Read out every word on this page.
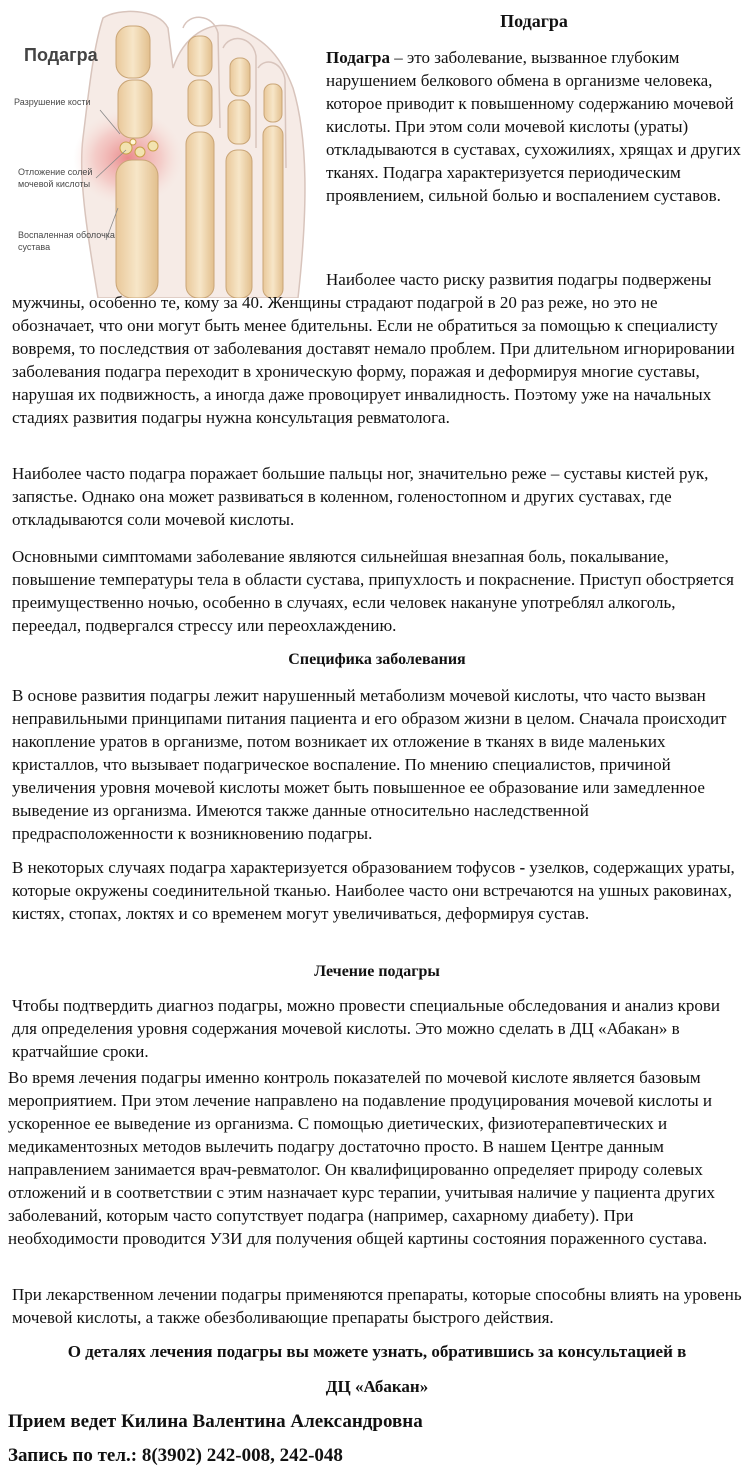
Подагра
Разрушение кости
Отложение солей
мочевой кислоты
Воспаленная оболочка
сустава
Подагра

Подагра – это заболевание, вызванное глубоким нарушением белкового обмена в организме человека, которое приводит к повышенному содержанию мочевой кислоты. При этом соли мочевой кислоты (ураты) откладываются в суставах, сухожилиях, хрящах и других тканях. Подагра характеризуется периодическим проявлением, сильной болью и воспалением суставов.

Наиболее часто риску развития подагры подвержены мужчины, особенно те, кому за 40. Женщины страдают подагрой в 20 раз реже, но это не обозначает, что они могут быть менее бдительны. Если не обратиться за помощью к специалисту вовремя, то последствия от заболевания доставят немало проблем. При длительном игнорировании заболевания подагра переходит в хроническую форму, поражая и деформируя многие суставы, нарушая их подвижность, а иногда даже провоцирует инвалидность. Поэтому уже на начальных стадиях развития подагры нужна консультация ревматолога.

Наиболее часто подагра поражает большие пальцы ног, значительно реже – суставы кистей рук, запястье. Однако она может развиваться в коленном, голеностопном и других суставах, где откладываются соли мочевой кислоты.

Основными симптомами заболевание являются сильнейшая внезапная боль, покалывание, повышение температуры тела в области сустава, припухлость и покраснение. Приступ обостряется преимущественно ночью, особенно в случаях, если человек накануне употреблял алкоголь, переедал, подвергался стрессу или переохлаждению.

Специфика заболевания

В основе развития подагры лежит нарушенный метаболизм мочевой кислоты, что часто вызван неправильными принципами питания пациента и его образом жизни в целом. Сначала происходит накопление уратов в организме, потом возникает их отложение в тканях в виде маленьких кристаллов, что вызывает подагрическое воспаление. По мнению специалистов, причиной увеличения уровня мочевой кислоты может быть повышенное ее образование или замедленное выведение из организма. Имеются также данные относительно наследственной предрасположенности к возникновению подагры.

В некоторых случаях подагра характеризуется образованием тофусов - узелков, содержащих ураты, которые окружены соединительной тканью. Наиболее часто они встречаются на ушных раковинах, кистях, стопах, локтях и со временем могут увеличиваться, деформируя сустав.

Лечение подагры

Чтобы подтвердить диагноз подагры, можно провести специальные обследования и анализ крови для определения уровня содержания мочевой кислоты. Это можно сделать в ДЦ «Абакан» в кратчайшие сроки.

Во время лечения подагры именно контроль показателей по мочевой кислоте является базовым мероприятием. При этом лечение направлено на подавление продуцирования мочевой кислоты и ускоренное ее выведение из организма. С помощью диетических, физиотерапевтических и медикаментозных методов вылечить подагру достаточно просто. В нашем Центре данным направлением занимается врач-ревматолог. Он квалифицированно определяет природу солевых отложений и в соответствии с этим назначает курс терапии, учитывая наличие у пациента других заболеваний, которым часто сопутствует подагра (например, сахарному диабету). При необходимости проводится УЗИ для получения общей картины состояния пораженного сустава.

При лекарственном лечении подагры применяются препараты, которые способны влиять на уровень мочевой кислоты, а также обезболивающие препараты быстрого действия.

О деталях лечения подагры вы можете узнать, обратившись за консультацией в
ДЦ «Абакан»
Прием ведет Килина Валентина Александровна
Запись по тел.: 8(3902) 242-008, 242-048
